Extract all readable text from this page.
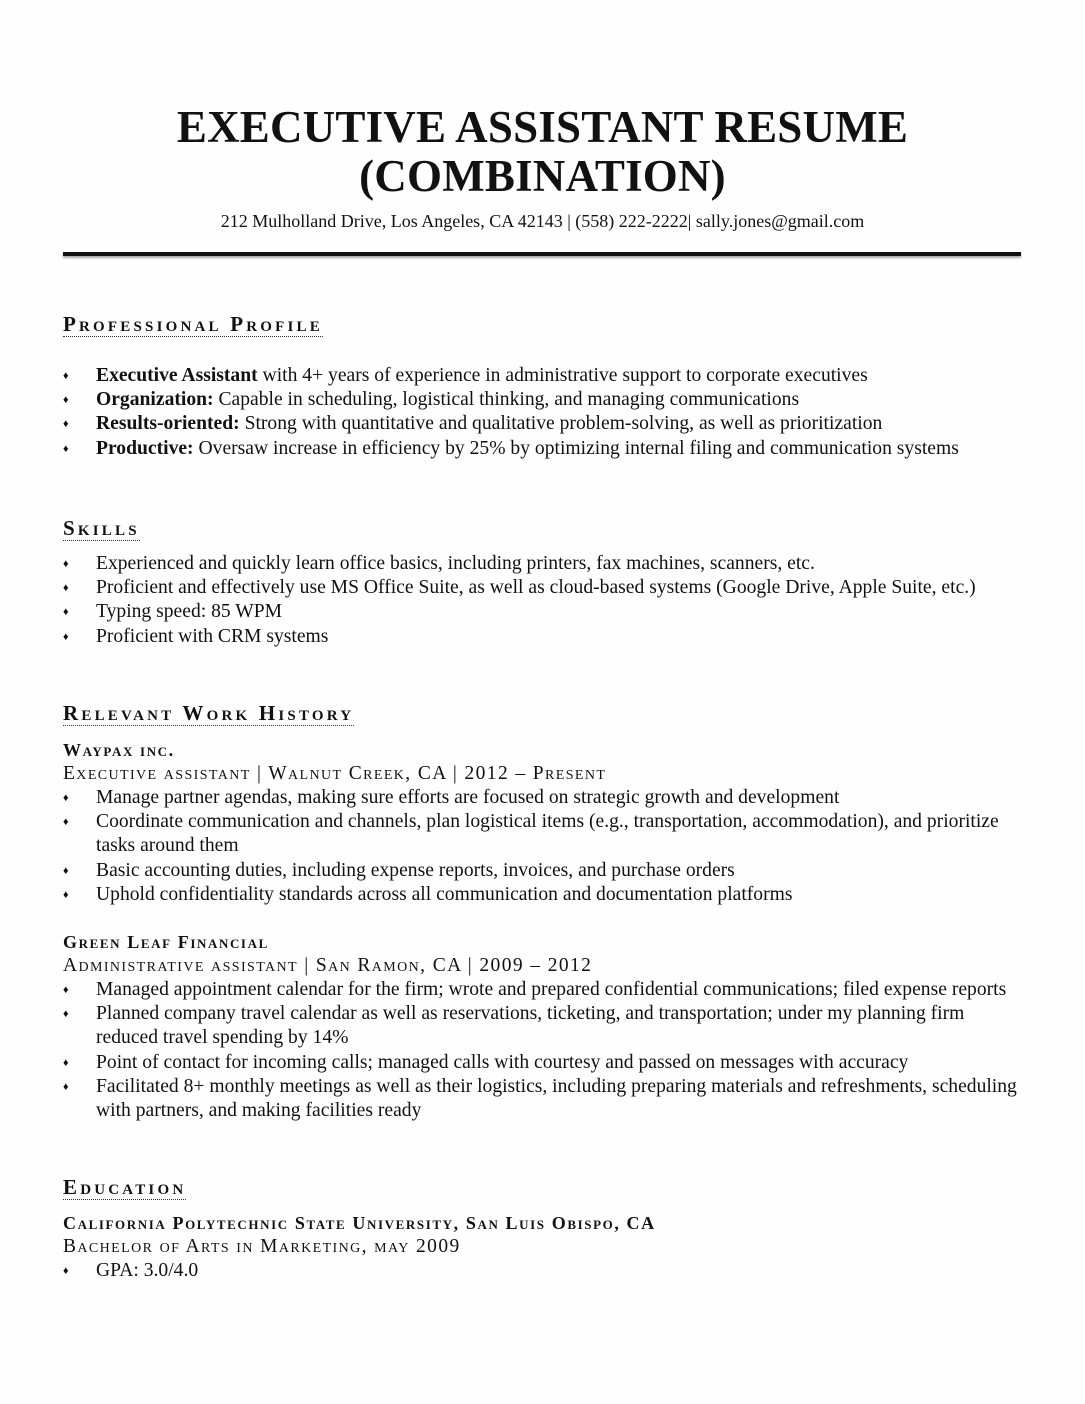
EXECUTIVE ASSISTANT RESUME
(COMBINATION)
212 Mulholland Drive, Los Angeles, CA 42143 | (558) 222-2222| sally.jones@gmail.com
Professional Profile
♦	Executive Assistant with 4+ years of experience in administrative support to corporate executives
♦	Organization: Capable in scheduling, logistical thinking, and managing communications
♦	Results-oriented: Strong with quantitative and qualitative problem-solving, as well as prioritization
♦	Productive: Oversaw increase in efficiency by 25% by optimizing internal filing and communication systems
Skills
♦	Experienced and quickly learn office basics, including printers, fax machines, scanners, etc.
♦	Proficient and effectively use MS Office Suite, as well as cloud-based systems (Google Drive, Apple Suite, etc.)
♦	Typing speed: 85 WPM
♦	Proficient with CRM systems
Relevant Work History
Waypax inc.
Executive assistant | Walnut Creek, CA | 2012 – Present
♦	Manage partner agendas, making sure efforts are focused on strategic growth and development
♦	Coordinate communication and channels, plan logistical items (e.g., transportation, accommodation), and prioritize tasks around them
♦	Basic accounting duties, including expense reports, invoices, and purchase orders
♦	Uphold confidentiality standards across all communication and documentation platforms
Green Leaf Financial
Administrative assistant | San Ramon, CA | 2009 – 2012
♦	Managed appointment calendar for the firm; wrote and prepared confidential communications; filed expense reports
♦	Planned company travel calendar as well as reservations, ticketing, and transportation; under my planning firm reduced travel spending by 14%
♦	Point of contact for incoming calls; managed calls with courtesy and passed on messages with accuracy
♦	Facilitated 8+ monthly meetings as well as their logistics, including preparing materials and refreshments, scheduling with partners, and making facilities ready
Education
California Polytechnic State University, San Luis Obispo, CA
Bachelor of Arts in Marketing, may 2009
♦	GPA: 3.0/4.0
